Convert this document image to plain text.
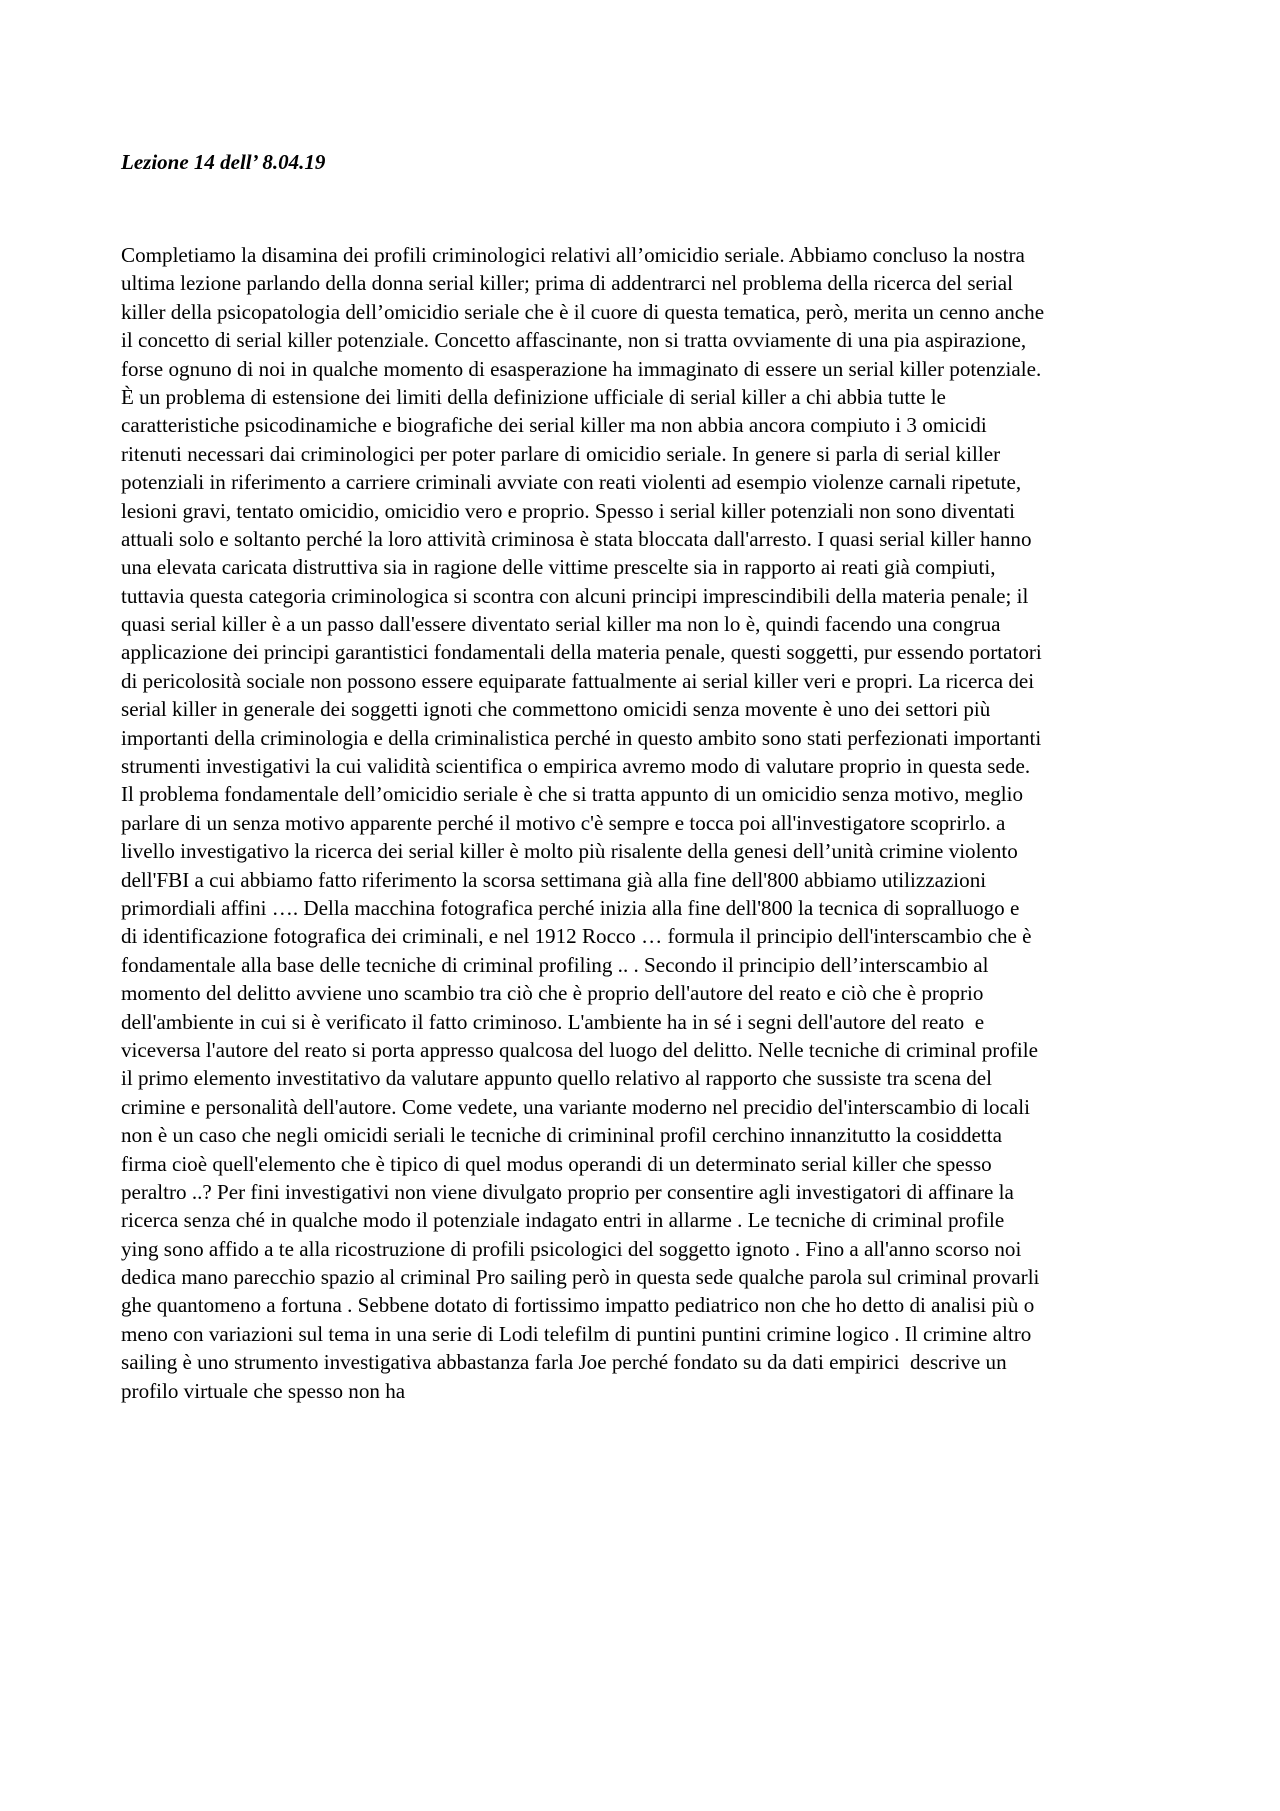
Lezione 14 dell’ 8.04.19
Completiamo la disamina dei profili criminologici relativi all’omicidio seriale. Abbiamo concluso la nostra
ultima lezione parlando della donna serial killer; prima di addentrarci nel problema della ricerca del serial
killer della psicopatologia dell’omicidio seriale che è il cuore di questa tematica, però, merita un cenno anche
il concetto di serial killer potenziale. Concetto affascinante, non si tratta ovviamente di una pia aspirazione,
forse ognuno di noi in qualche momento di esasperazione ha immaginato di essere un serial killer potenziale.
È un problema di estensione dei limiti della definizione ufficiale di serial killer a chi abbia tutte le
caratteristiche psicodinamiche e biografiche dei serial killer ma non abbia ancora compiuto i 3 omicidi
ritenuti necessari dai criminologici per poter parlare di omicidio seriale. In genere si parla di serial killer
potenziali in riferimento a carriere criminali avviate con reati violenti ad esempio violenze carnali ripetute,
lesioni gravi, tentato omicidio, omicidio vero e proprio. Spesso i serial killer potenziali non sono diventati
attuali solo e soltanto perché la loro attività criminosa è stata bloccata dall'arresto. I quasi serial killer hanno
una elevata caricata distruttiva sia in ragione delle vittime prescelte sia in rapporto ai reati già compiuti,
tuttavia questa categoria criminologica si scontra con alcuni principi imprescindibili della materia penale; il
quasi serial killer è a un passo dall'essere diventato serial killer ma non lo è, quindi facendo una congrua
applicazione dei principi garantistici fondamentali della materia penale, questi soggetti, pur essendo portatori
di pericolosità sociale non possono essere equiparate fattualmente ai serial killer veri e propri. La ricerca dei
serial killer in generale dei soggetti ignoti che commettono omicidi senza movente è uno dei settori più
importanti della criminologia e della criminalistica perché in questo ambito sono stati perfezionati importanti
strumenti investigativi la cui validità scientifica o empirica avremo modo di valutare proprio in questa sede.
Il problema fondamentale dell’omicidio seriale è che si tratta appunto di un omicidio senza motivo, meglio
parlare di un senza motivo apparente perché il motivo c'è sempre e tocca poi all'investigatore scoprirlo. a
livello investigativo la ricerca dei serial killer è molto più risalente della genesi dell’unità crimine violento
dell'FBI a cui abbiamo fatto riferimento la scorsa settimana già alla fine dell'800 abbiamo utilizzazioni
primordiali affini …. Della macchina fotografica perché inizia alla fine dell'800 la tecnica di sopralluogo e
di identificazione fotografica dei criminali, e nel 1912 Rocco … formula il principio dell'interscambio che è
fondamentale alla base delle tecniche di criminal profiling .. . Secondo il principio dell’interscambio al
momento del delitto avviene uno scambio tra ciò che è proprio dell'autore del reato e ciò che è proprio
dell'ambiente in cui si è verificato il fatto criminoso. L'ambiente ha in sé i segni dell'autore del reato  e
viceversa l'autore del reato si porta appresso qualcosa del luogo del delitto. Nelle tecniche di criminal profile
il primo elemento investitativo da valutare appunto quello relativo al rapporto che sussiste tra scena del
crimine e personalità dell'autore. Come vedete, una variante moderno nel precidio del'interscambio di locali
non è un caso che negli omicidi seriali le tecniche di crimininal profil cerchino innanzitutto la cosiddetta
firma cioè quell'elemento che è tipico di quel modus operandi di un determinato serial killer che spesso
peraltro ..? Per fini investigativi non viene divulgato proprio per consentire agli investigatori di affinare la
ricerca senza ché in qualche modo il potenziale indagato entri in allarme . Le tecniche di criminal profile
ying sono affido a te alla ricostruzione di profili psicologici del soggetto ignoto . Fino a all'anno scorso noi
dedica mano parecchio spazio al criminal Pro sailing però in questa sede qualche parola sul criminal provarli
ghe quantomeno a fortuna . Sebbene dotato di fortissimo impatto pediatrico non che ho detto di analisi più o
meno con variazioni sul tema in una serie di Lodi telefilm di puntini puntini crimine logico . Il crimine altro
sailing è uno strumento investigativa abbastanza farla Joe perché fondato su da dati empirici  descrive un
profilo virtuale che spesso non ha
